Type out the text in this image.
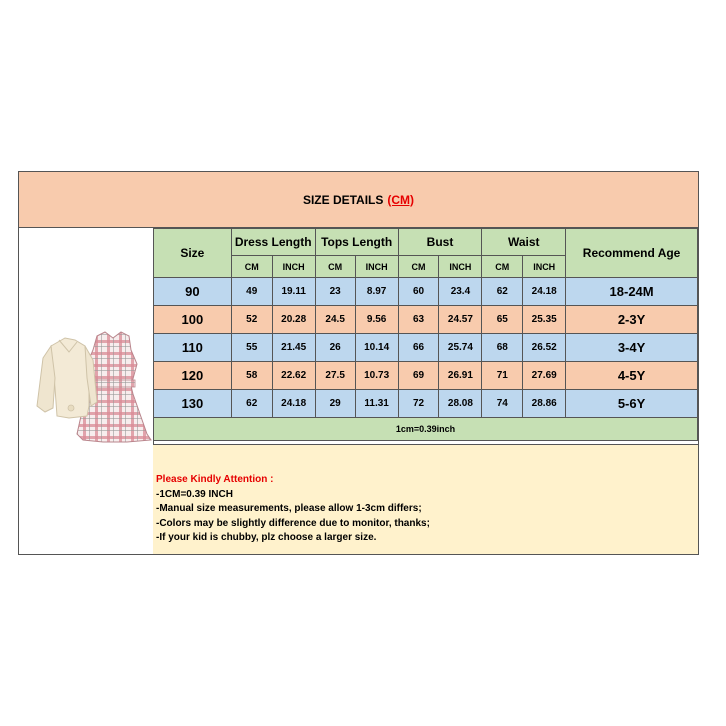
SIZE DETAILS (CM)
Size	Dress Length		Tops Length		Bust		Waist		Recommend Age
	CM	INCH	CM	INCH	CM	INCH	CM	INCH	
90	49	19.11	23	8.97	60	23.4	62	24.18	18-24M
100	52	20.28	24.5	9.56	63	24.57	65	25.35	2-3Y
110	55	21.45	26	10.14	66	25.74	68	26.52	3-4Y
120	58	22.62	27.5	10.73	69	26.91	71	27.69	4-5Y
130	62	24.18	29	11.31	72	28.08	74	28.86	5-6Y
1cm=0.39inch									
Please Kindly Attention :
-1CM=0.39 INCH
-Manual size measurements, please allow 1-3cm differs;
-Colors may be slightly difference due to monitor, thanks;
-If your kid is chubby, plz choose a larger size.
